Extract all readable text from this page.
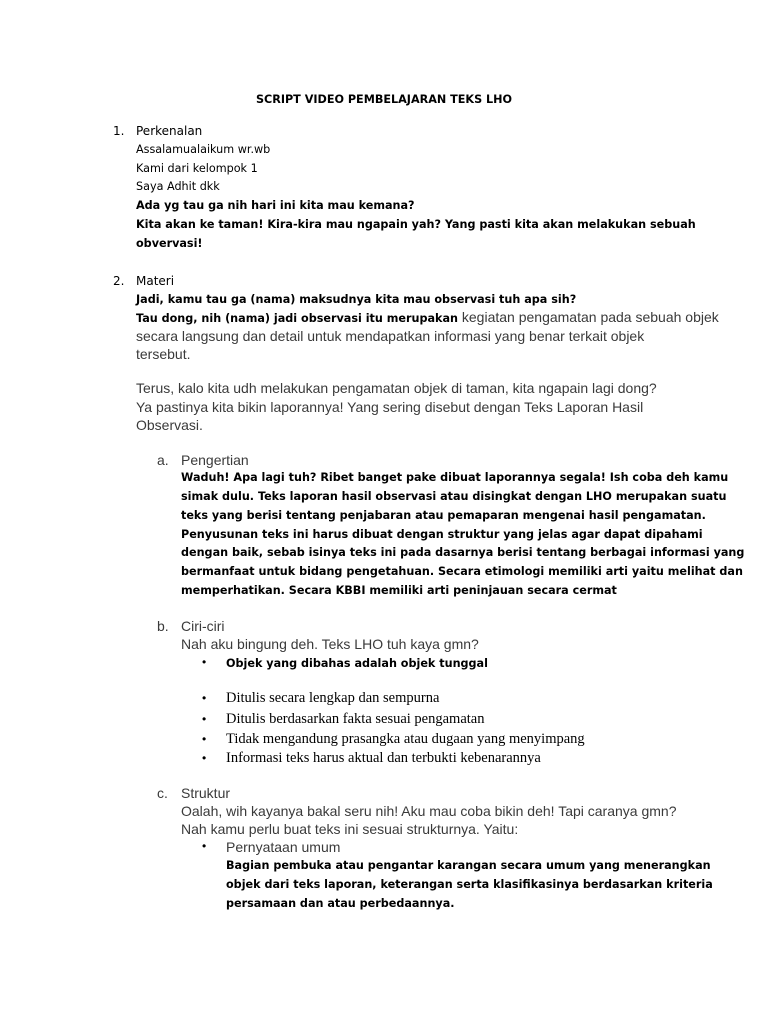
SCRIPT VIDEO PEMBELAJARAN TEKS LHO
1. Perkenalan
Assalamualaikum wr.wb
Kami dari kelompok 1
Saya Adhit dkk
Ada yg tau ga nih hari ini kita mau kemana?
Kita akan ke taman! Kira-kira mau ngapain yah? Yang pasti kita akan melakukan sebuah
obvervasi!
2. Materi
Jadi, kamu tau ga (nama) maksudnya kita mau observasi tuh apa sih?
Tau dong, nih (nama) jadi observasi itu merupakan kegiatan pengamatan pada sebuah objek
secara langsung dan detail untuk mendapatkan informasi yang benar terkait objek
tersebut.
Terus, kalo kita udh melakukan pengamatan objek di taman, kita ngapain lagi dong?
Ya pastinya kita bikin laporannya! Yang sering disebut dengan Teks Laporan Hasil
Observasi.
a. Pengertian
Waduh! Apa lagi tuh? Ribet banget pake dibuat laporannya segala! Ish coba deh kamu
simak dulu. Teks laporan hasil observasi atau disingkat dengan LHO merupakan suatu
teks yang berisi tentang penjabaran atau pemaparan mengenai hasil pengamatan.
Penyusunan teks ini harus dibuat dengan struktur yang jelas agar dapat dipahami
dengan baik, sebab isinya teks ini pada dasarnya berisi tentang berbagai informasi yang
bermanfaat untuk bidang pengetahuan. Secara etimologi memiliki arti yaitu melihat dan
memperhatikan. Secara KBBI memiliki arti peninjauan secara cermat
b. Ciri-ciri
Nah aku bingung deh. Teks LHO tuh kaya gmn?
• Objek yang dibahas adalah objek tunggal
• Ditulis secara lengkap dan sempurna
• Ditulis berdasarkan fakta sesuai pengamatan
• Tidak mengandung prasangka atau dugaan yang menyimpang
• Informasi teks harus aktual dan terbukti kebenarannya
c. Struktur
Oalah, wih kayanya bakal seru nih! Aku mau coba bikin deh! Tapi caranya gmn?
Nah kamu perlu buat teks ini sesuai strukturnya. Yaitu:
• Pernyataan umum
Bagian pembuka atau pengantar karangan secara umum yang menerangkan
objek dari teks laporan, keterangan serta klasifikasinya berdasarkan kriteria
persamaan dan atau perbedaannya.
